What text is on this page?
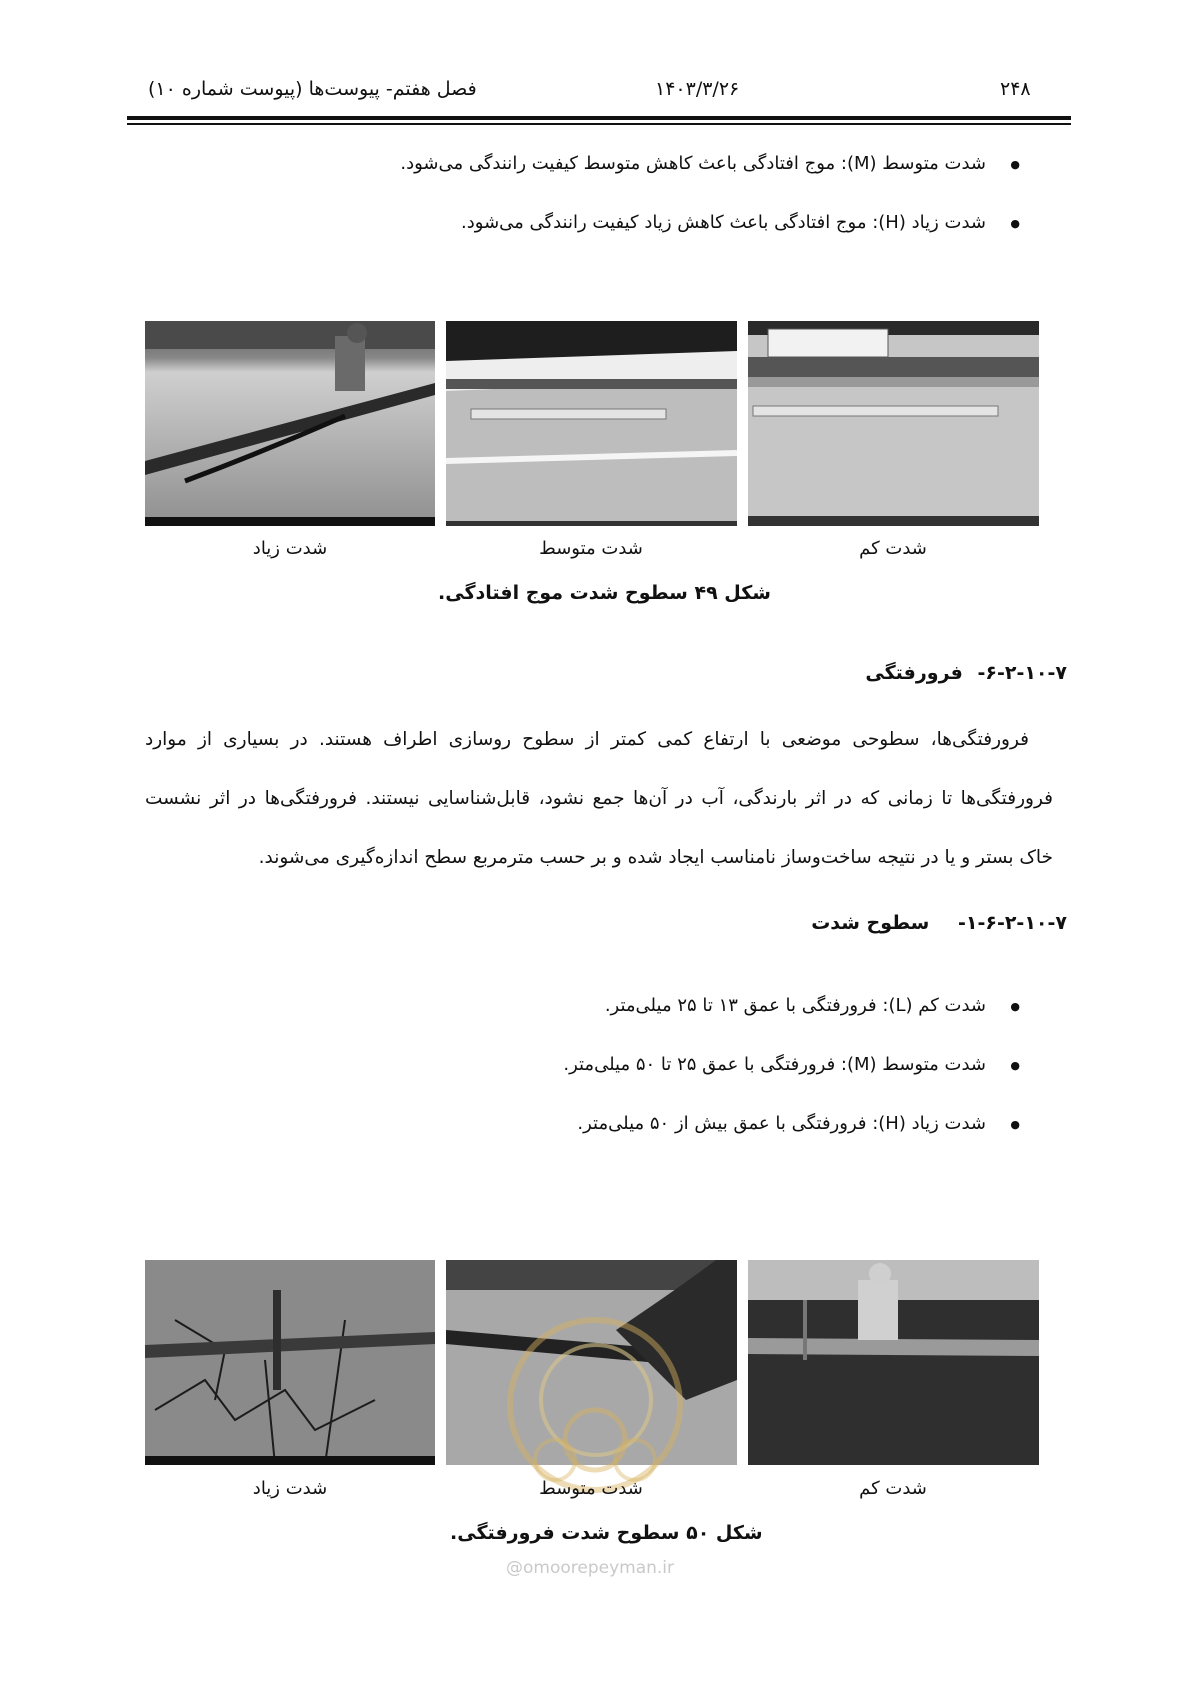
۲۴۸
۱۴۰۳/۳/۲۶
فصل هفتم- پیوست‌ها (پیوست شماره ۱۰)
● شدت متوسط (M): موج افتادگی باعث کاهش متوسط کیفیت رانندگی می‌شود.
● شدت زیاد (H): موج افتادگی باعث کاهش زیاد کیفیت رانندگی می‌شود.
شدت زیاد	شدت متوسط	شدت کم
شکل ۴۹ سطوح شدت موج افتادگی.
۶-۲-۱۰-۷- فرورفتگی
فرورفتگی‌ها، سطوحی موضعی با ارتفاع کمی کمتر از سطوح روسازی اطراف هستند. در بسیاری از موارد
فرورفتگی‌ها تا زمانی که در اثر بارندگی، آب در آن‌ها جمع نشود، قابل‌شناسایی نیستند. فرورفتگی‌ها در اثر نشست
خاک بستر و یا در نتیجه ساخت‌وساز نامناسب ایجاد شده و بر حسب مترمربع سطح اندازه‌گیری می‌شوند.
۱-۶-۲-۱۰-۷- سطوح شدت
● شدت کم (L): فرورفتگی با عمق ۱۳ تا ۲۵ میلی‌متر.
● شدت متوسط (M): فرورفتگی با عمق ۲۵ تا ۵۰ میلی‌متر.
● شدت زیاد (H): فرورفتگی با عمق بیش از ۵۰ میلی‌متر.
شدت زیاد	شدت متوسط	شدت کم
شکل ۵۰ سطوح شدت فرورفتگی.
@omoorepeyman.ir
